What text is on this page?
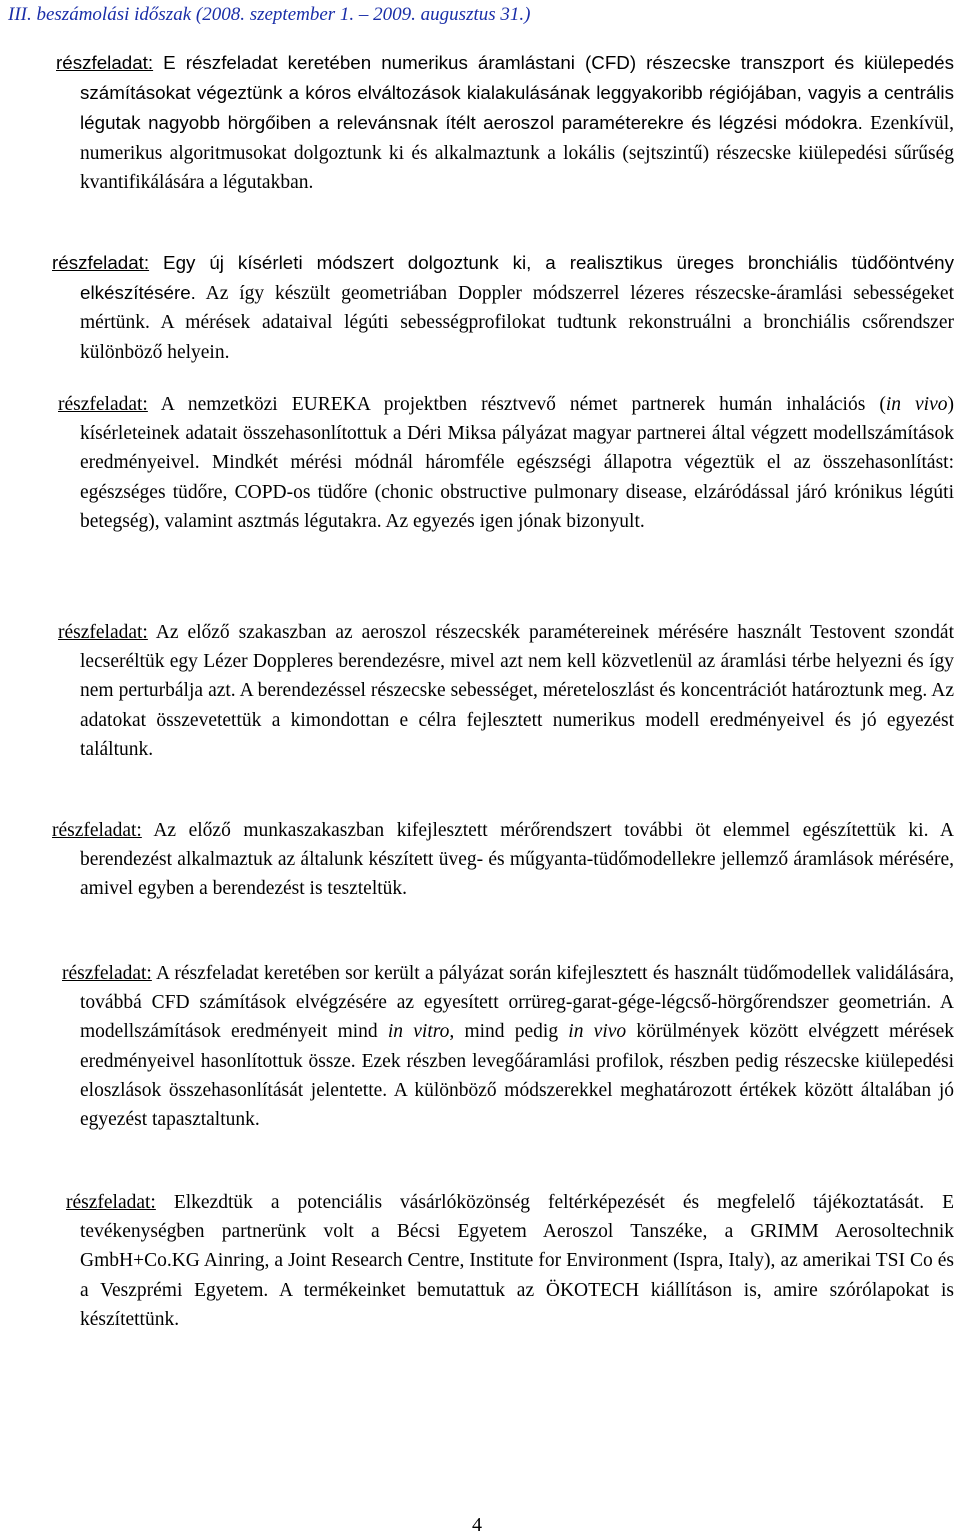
III. beszámolási időszak (2008. szeptember 1. – 2009. augusztus 31.)
részfeladat: E részfeladat keretében numerikus áramlástani (CFD) részecske transzport és kiülepedés számításokat végeztünk a kóros elváltozások kialakulásának leggyakoribb régiójában, vagyis a centrális légutak nagyobb hörgőiben a relevánsnak ítélt aeroszol paraméterekre és légzési módokra. Ezenkívül, numerikus algoritmusokat dolgoztunk ki és alkalmaztunk a lokális (sejtszintű) részecske kiülepedési sűrűség kvantifikálására a légutakban.
részfeladat: Egy új kísérleti módszert dolgoztunk ki, a realisztikus üreges bronchiális tüdőöntvény elkészítésére. Az így készült geometriában Doppler módszerrel lézeres részecske-áramlási sebességeket mértünk. A mérések adataival légúti sebességprofilokat tudtunk rekonstruálni a bronchiális csőrendszer különböző helyein.
részfeladat: A nemzetközi EUREKA projektben résztvevő német partnerek humán inhalációs (in vivo) kísérleteinek adatait összehasonlítottuk a Déri Miksa pályázat magyar partnerei által végzett modellszámítások eredményeivel. Mindkét mérési módnál háromféle egészségi állapotra végeztük el az összehasonlítást: egészséges tüdőre, COPD-os tüdőre (chonic obstructive pulmonary disease, elzáródással járó krónikus légúti betegség), valamint asztmás légutakra. Az egyezés igen jónak bizonyult.
részfeladat: Az előző szakaszban az aeroszol részecskék paramétereinek mérésére használt Testovent szondát lecseréltük egy Lézer Doppleres berendezésre, mivel azt nem kell közvetlenül az áramlási térbe helyezni és így nem perturbálja azt. A berendezéssel részecske sebességet, méreteloszlást és koncentrációt határoztunk meg. Az adatokat összevetettük a kimondottan e célra fejlesztett numerikus modell eredményeivel és jó egyezést találtunk.
részfeladat: Az előző munkaszakaszban kifejlesztett mérőrendszert további öt elemmel egészítettük ki. A berendezést alkalmaztuk az általunk készített üveg- és műgyanta-tüdőmodellekre jellemző áramlások mérésére, amivel egyben a berendezést is teszteltük.
részfeladat: A részfeladat keretében sor került a pályázat során kifejlesztett és használt tüdőmodellek validálására, továbbá CFD számítások elvégzésére az egyesített orrüreg-garat-gége-légcső-hörgőrendszer geometrián. A modellszámítások eredményeit mind in vitro, mind pedig in vivo körülmények között elvégzett mérések eredményeivel hasonlítottuk össze. Ezek részben levegőáramlási profilok, részben pedig részecske kiülepedési eloszlások összehasonlítását jelentette. A különböző módszerekkel meghatározott értékek között általában jó egyezést tapasztaltunk.
részfeladat: Elkezdtük a potenciális vásárlóközönség feltérképezését és megfelelő tájékoztatását. E tevékenységben partnerünk volt a Bécsi Egyetem Aeroszol Tanszéke, a GRIMM Aerosoltechnik GmbH+Co.KG Ainring, a Joint Research Centre, Institute for Environment (Ispra, Italy), az amerikai TSI Co és a Veszprémi Egyetem. A termékeinket bemutattuk az ÖKOTECH kiállításon is, amire szórólapokat is készítettünk.
4
